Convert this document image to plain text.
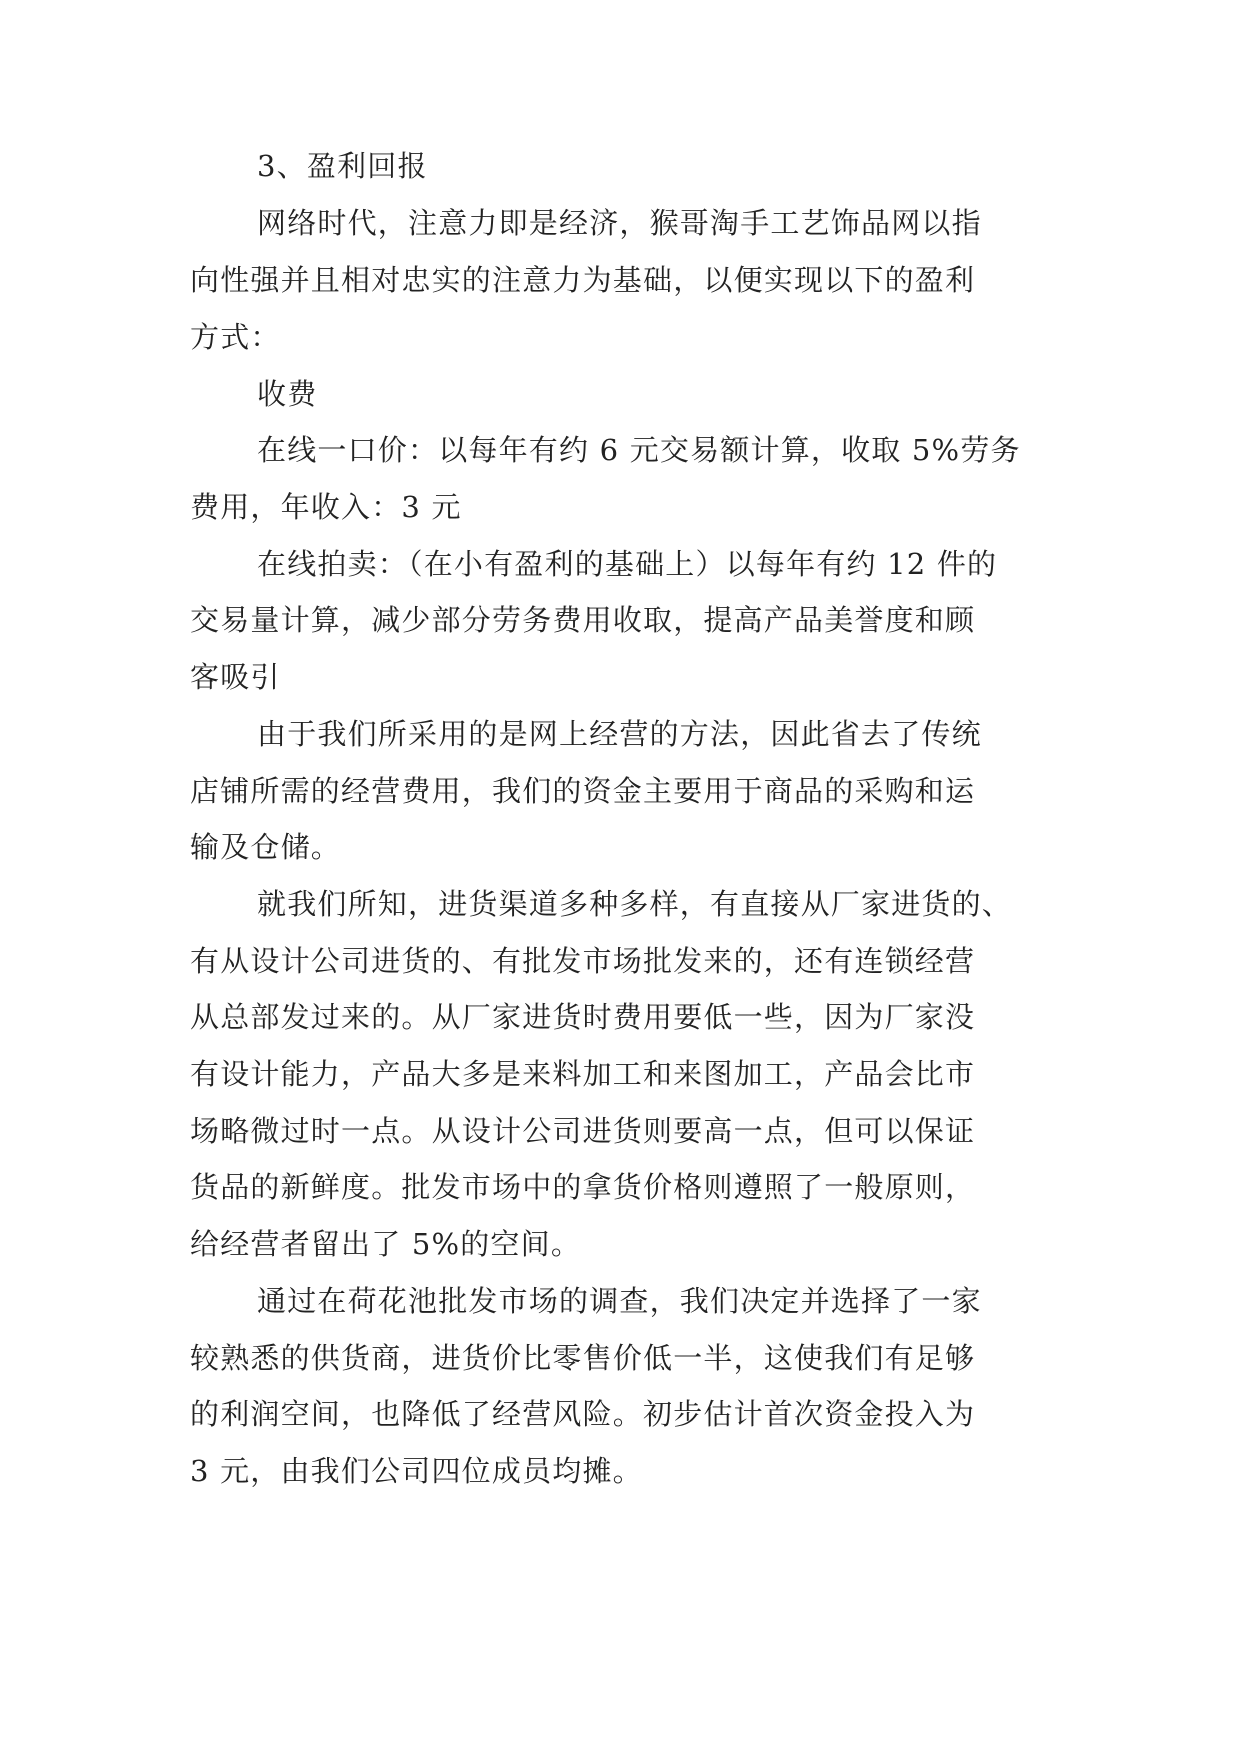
3、盈利回报
网络时代，注意力即是经济，猴哥淘手工艺饰品网以指
向性强并且相对忠实的注意力为基础，以便实现以下的盈利
方式：
收费
在线一口价：以每年有约 6 元交易额计算，收取 5%劳务
费用，年收入：3 元
在线拍卖：（在小有盈利的基础上）以每年有约 12 件的
交易量计算，减少部分劳务费用收取，提高产品美誉度和顾
客吸引
由于我们所采用的是网上经营的方法，因此省去了传统
店铺所需的经营费用，我们的资金主要用于商品的采购和运
输及仓储。
就我们所知，进货渠道多种多样，有直接从厂家进货的、
有从设计公司进货的、有批发市场批发来的，还有连锁经营
从总部发过来的。从厂家进货时费用要低一些，因为厂家没
有设计能力，产品大多是来料加工和来图加工，产品会比市
场略微过时一点。从设计公司进货则要高一点，但可以保证
货品的新鲜度。批发市场中的拿货价格则遵照了一般原则，
给经营者留出了 5%的空间。
通过在荷花池批发市场的调查，我们决定并选择了一家
较熟悉的供货商，进货价比零售价低一半，这使我们有足够
的利润空间，也降低了经营风险。初步估计首次资金投入为
3 元，由我们公司四位成员均摊。
